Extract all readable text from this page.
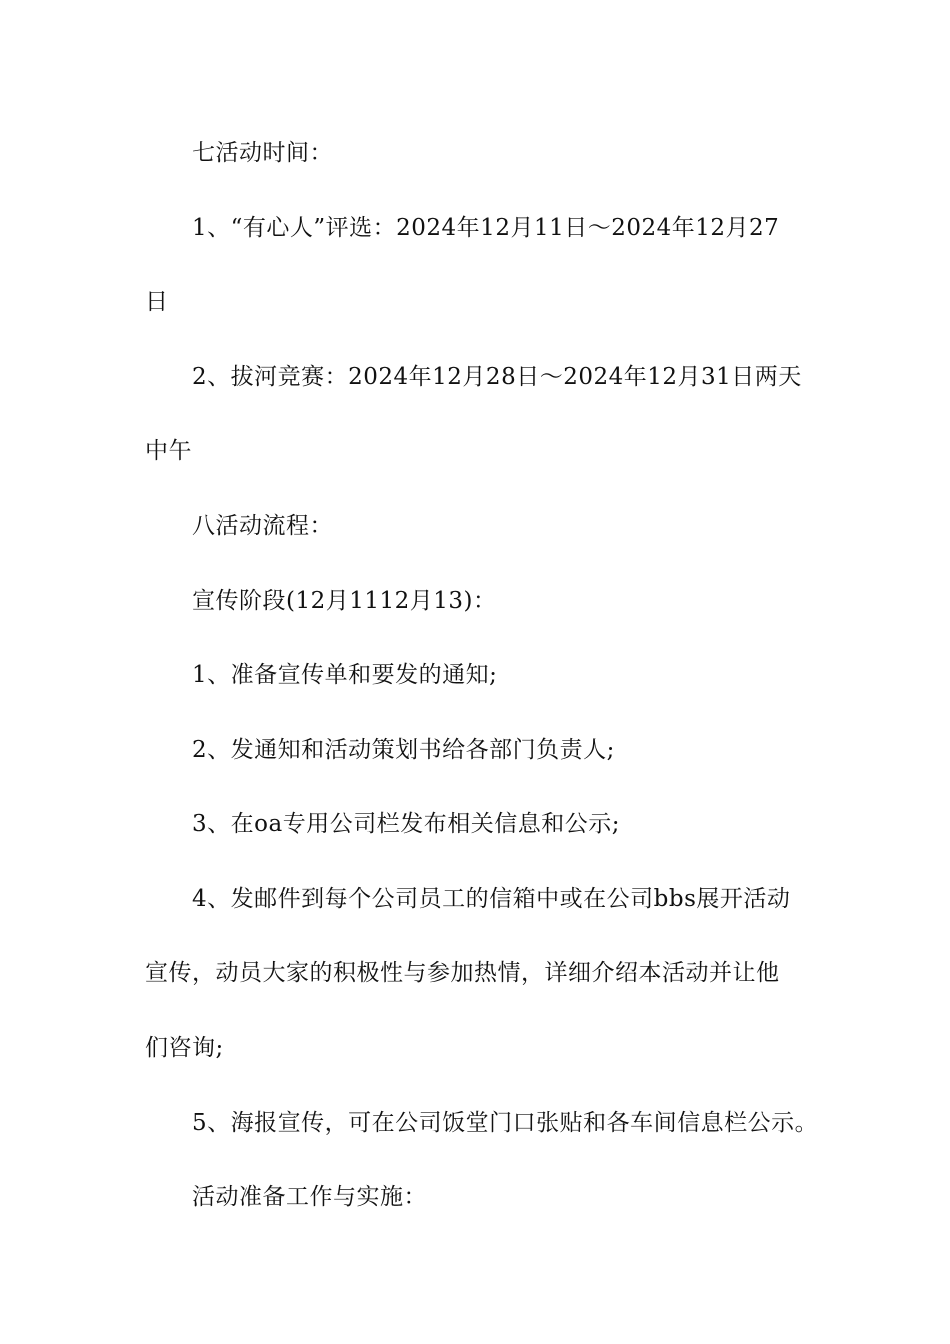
七活动时间：
1、“有心人”评选：2024年12月11日～2024年12月27
日
2、拔河竞赛：2024年12月28日～2024年12月31日两天
中午
八活动流程：
宣传阶段(12月1112月13)：
1、准备宣传单和要发的通知;
2、发通知和活动策划书给各部门负责人;
3、在oa专用公司栏发布相关信息和公示;
4、发邮件到每个公司员工的信箱中或在公司bbs展开活动
宣传，动员大家的积极性与参加热情，详细介绍本活动并让他
们咨询;
5、海报宣传，可在公司饭堂门口张贴和各车间信息栏公示。
活动准备工作与实施：
